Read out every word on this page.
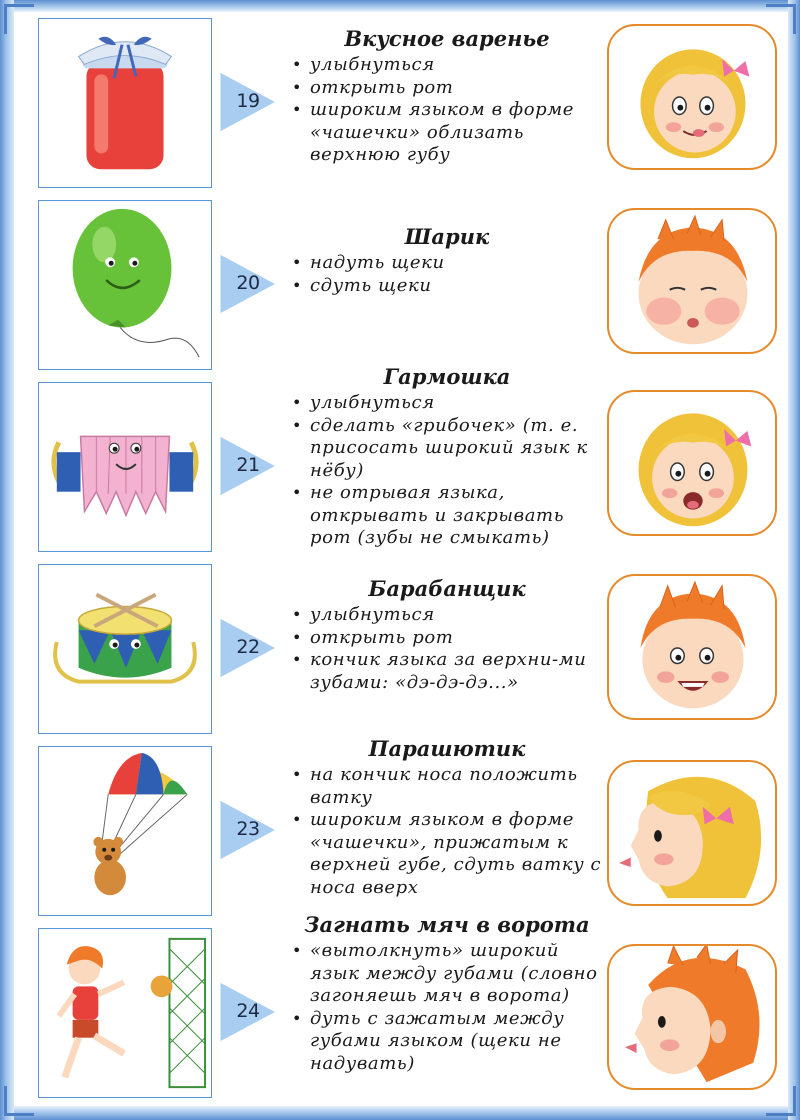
19
Вкусное варенье
• улыбнуться
• открыть рот
• широким языком в форме «чашечки» облизать верхнюю губу
20
Шарик
• надуть щеки
• сдуть щеки
21
Гармошка
• улыбнуться
• сделать «грибочек» (т. е. присосать широкий язык к нёбу)
• не отрывая языка, открывать и закрывать рот (зубы не смыкать)
22
Барабанщик
• улыбнуться
• открыть рот
• кончик языка за верхни-ми зубами: «дэ-дэ-дэ...»
23
Парашютик
• на кончик носа положить ватку
• широким языком в форме «чашечки», прижатым к верхней губе, сдуть ватку с носа вверх
24
Загнать мяч в ворота
• «вытолкнуть» широкий язык между губами (словно загоняешь мяч в ворота)
• дуть с зажатым между губами языком (щеки не надувать)
